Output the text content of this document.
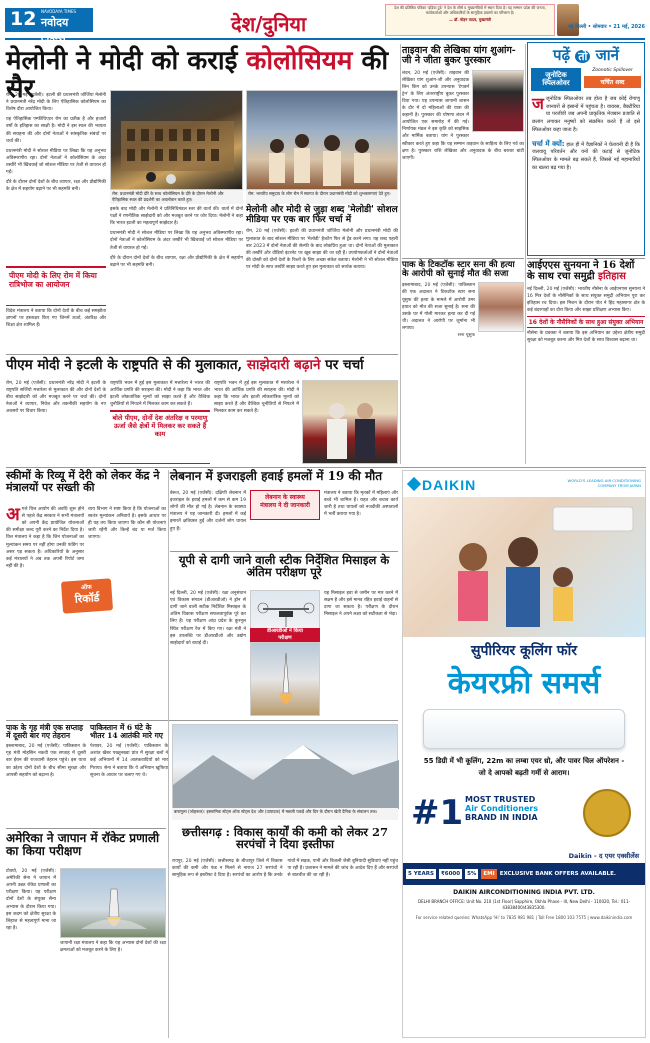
12 NAVODAYA TIMES
नवोदय टाइम्स
देश/दुनिया
देश की प्रतिष्ठित पत्रिका 'इंडिया टुडे' ने देश के शीर्ष 5 मुख्यमंत्रियों में स्थान दिया है। यह सम्मान प्रदेश की जनता, कार्यकर्ताओं और अधिकारियों के सामूहिक प्रयासों का परिणाम है।
— डॉ. मोहन यादव, मुख्यमंत्री
नई दिल्ली • सोमवार • 21 मई, 2026
मेलोनी ने मोदी को कराई कोलोसियम की सैर

रोम, 20 मई (एजेंसी): इटली की प्रधानमंत्री जॉर्जिया मेलोनी ने प्रधानमंत्री नरेंद्र मोदी के लिए ऐतिहासिक कोलोसियम का विशेष दौरा आयोजित किया।

यह ऐतिहासिक एम्फीथिएटर रोम का प्रतीक है और हजारों वर्षों के इतिहास का साक्षी है। मोदी ने इस स्थल की भव्यता की सराहना की और दोनों नेताओं ने सांस्कृतिक संबंधों पर चर्चा की।

प्रधानमंत्री मोदी ने सोशल मीडिया पर लिखा कि यह अनुभव अविस्मरणीय रहा। दोनों नेताओं ने कोलोसियम के अंदर तस्वीरें भी खिंचवाईं जो सोशल मीडिया पर तेजी से वायरल हो गईं।

दौरे के दौरान दोनों देशों के बीच व्यापार, रक्षा और प्रौद्योगिकी के क्षेत्र में सहयोग बढ़ाने पर भी सहमति बनी।

पीएम मोदी के लिए रोम में किया रात्रिभोज का आयोजन

विदेश मंत्रालय ने बताया कि दोनों देशों के बीच कई समझौता ज्ञापनों पर हस्ताक्षर किए गए जिनमें ऊर्जा, अंतरिक्ष और शिक्षा क्षेत्र शामिल हैं।

रोम: प्रधानमंत्री मोदी दौरे के साथ कोलोसियम के दौरे के दौरान मेलोनी और ऐतिहासिक स्थल की प्रदर्शनी का अवलोकन करते हुए।
रोम: भारतीय समुदाय के लोग रोम में स्वागत के दौरान प्रधानमंत्री मोदी को शुभकामनाएं देते हुए।

इसके बाद मोदी और मेलोनी ने प्रतिनिधिमंडल स्तर की वार्ता की। वार्ता में दोनों पक्षों ने रणनीतिक साझेदारी को और मजबूत करने पर जोर दिया। मेलोनी ने कहा कि भारत इटली का महत्वपूर्ण साझेदार है।

प्रधानमंत्री मोदी ने सोशल मीडिया पर लिखा कि यह अनुभव अविस्मरणीय रहा। दोनों नेताओं ने कोलोसियम के अंदर तस्वीरें भी खिंचवाईं जो सोशल मीडिया पर तेजी से वायरल हो गईं।

दौरे के दौरान दोनों देशों के बीच व्यापार, रक्षा और प्रौद्योगिकी के क्षेत्र में सहयोग बढ़ाने पर भी सहमति बनी।

मेलोनी और मोदी से जुड़ा शब्द 'मेलोडी' सोशल मीडिया पर एक बार फिर चर्चा में
रोम, 20 मई (एजेंसी): इटली की प्रधानमंत्री जॉर्जिया मेलोनी और प्रधानमंत्री मोदी की मुलाकात के बाद सोशल मीडिया पर 'मेलोडी' हैशटैग फिर से ट्रेंड करने लगा। यह शब्द पहली बार 2023 में दोनों नेताओं की सेल्फी के बाद लोकप्रिय हुआ था। दोनों नेताओं की मुलाकात की तस्वीरें और वीडियो इंटरनेट पर खूब साझा की जा रही हैं। उपयोगकर्ताओं ने दोनों नेताओं की दोस्ती को दोनों देशों के रिश्तों के लिए अच्छा संकेत बताया। मेलोनी ने भी सोशल मीडिया पर मोदी के साथ तस्वीरें साझा करते हुए इस मुलाकात को सार्थक बताया।
ताइवान की लेखिका यांग शुआंग-जी ने जीता बुकर पुरस्कार
लंदन, 20 मई (एजेंसी): ताइवान की लेखिका यांग शुआंग-जी और अनुवादक लिन किंग को उनके उपन्यास 'टेपवर्म ट्रेन' के लिए अंतरराष्ट्रीय बुकर पुरस्कार दिया गया। यह उपन्यास जापानी शासन के दौर में दो महिलाओं की यात्रा की कहानी है। पुरस्कार की घोषणा लंदन में आयोजित एक समारोह में की गई। निर्णायक मंडल ने इस कृति को साहसिक और मार्मिक बताया। यांग ने पुरस्कार स्वीकार करते हुए कहा कि यह सम्मान ताइवान के साहित्य के लिए गर्व का क्षण है। पुरस्कार राशि लेखिका और अनुवादक के बीच बराबर बांटी जाएगी।
पढ़ें तो जानें
जूनोटिक स्पिलओवर
Zoonotic Spillover
चर्चित शब्द
जजूनोटिक स्पिलओवर तब होता है जब कोई रोगाणु जानवरों से इंसानों में पहुंचता है। वायरस, बैक्टीरिया या परजीवी जब अपनी प्राकृतिक मेजबान प्रजाति से छलांग लगाकर मनुष्यों को संक्रमित करते हैं तो इसे स्पिलओवर कहा जाता है।
चर्चा में क्यों: हाल ही में वैज्ञानिकों ने चेतावनी दी है कि जलवायु परिवर्तन और वनों की कटाई से जूनोटिक स्पिलओवर के मामले बढ़ सकते हैं, जिससे नई महामारियों का खतरा बढ़ गया है।
पाक के टिकटॉक स्टार सना की हत्या के आरोपी को सुनाई मौत की सजा
इस्लामाबाद, 20 मई (एजेंसी): पाकिस्तान की एक अदालत ने टिकटॉक स्टार सना यूसुफ की हत्या के मामले में आरोपी उमर हयात को मौत की सजा सुनाई है। सना की उसके घर में गोली मारकर हत्या कर दी गई थी। अदालत ने आरोपी पर जुर्माना भी लगाया।
सना यूसुफ
आईएएस सुनयना ने 16 देशों के साथ रचा समुद्री इतिहास
नई दिल्ली, 20 मई (एजेंसी): भारतीय नौसेना के आईएनएस सुनयना ने 16 मित्र देशों के नौसैनिकों के साथ संयुक्त समुद्री अभियान पूरा कर इतिहास रच दिया। इस मिशन के दौरान पोत ने हिंद महासागर क्षेत्र के कई बंदरगाहों का दौरा किया और साझा प्रशिक्षण अभ्यास किए।
16 देशों के नौसैनिकों के साथ हुआ संयुक्त अभियान
नौसेना के प्रवक्ता ने बताया कि इस अभियान का उद्देश्य क्षेत्रीय समुद्री सुरक्षा को मजबूत करना और मित्र देशों के साथ विश्वास बढ़ाना था।
पीएम मोदी ने इटली के राष्ट्रपति से की मुलाकात, साझेदारी बढ़ाने पर चर्चा
रोम, 20 मई (एजेंसी): प्रधानमंत्री नरेंद्र मोदी ने इटली के राष्ट्रपति सर्जियो मत्तारेला से मुलाकात की और दोनों देशों के बीच साझेदारी को और मजबूत करने पर चर्चा की। दोनों नेताओं ने व्यापार, निवेश और तकनीकी सहयोग के नए अवसरों पर विचार किया।
राष्ट्रपति भवन में हुई इस मुलाकात में मत्तारेला ने भारत की आर्थिक प्रगति की सराहना की। मोदी ने कहा कि भारत और इटली लोकतांत्रिक मूल्यों को साझा करते हैं और वैश्विक चुनौतियों से निपटने में मिलकर काम कर सकते हैं।
बोले पीएम, दोनों देश अंतरिक्ष व परमाणु ऊर्जा जैसे क्षेत्रों में मिलकर कर सकते हैं काम
राष्ट्रपति भवन में हुई इस मुलाकात में मत्तारेला ने भारत की आर्थिक प्रगति की सराहना की। मोदी ने कहा कि भारत और इटली लोकतांत्रिक मूल्यों को साझा करते हैं और वैश्विक चुनौतियों से निपटने में मिलकर काम कर सकते हैं।
स्कीमों के रिव्यू में देरी को लेकर केंद्र ने मंत्रालयों पर सख्ती की
अगले वित्त आयोग की अवधि शुरू होने से पहले केंद्र सरकार ने सभी मंत्रालयों को अपनी केंद्र प्रायोजित योजनाओं की समीक्षा जल्द पूरी करने का निर्देश दिया है। वित्त मंत्रालय ने कहा है कि जिन योजनाओं का मूल्यांकन समय पर नहीं होगा उनकी फंडिंग पर असर पड़ सकता है। अधिकारियों के अनुसार कई मंत्रालयों ने अब तक अपनी रिपोर्ट जमा नहीं की है।

व्यय विभाग ने स्पष्ट किया है कि योजनाओं का स्वतंत्र मूल्यांकन अनिवार्य है। इसके आधार पर ही यह तय किया जाएगा कि कौन सी योजनाएं जारी रहेंगी और किन्हें बंद या मर्ज किया जाएगा।

ऑफ
रिकॉर्ड
लेबनान में इजराइली हवाई हमलों में 19 की मौत
बेरूत, 20 मई (एजेंसी): दक्षिणी लेबनान में इजराइल के हवाई हमलों में कम से कम 19 लोगों की मौत हो गई है। लेबनान के स्वास्थ्य मंत्रालय ने यह जानकारी दी। हमलों में कई इमारतें क्षतिग्रस्त हुईं और दर्जनों लोग घायल हुए हैं।
लेबनान के स्वास्थ्य
मंत्रालय ने दी जानकारी
मंत्रालय ने बताया कि मृतकों में महिलाएं और बच्चे भी शामिल हैं। राहत और बचाव कार्य जारी है तथा घायलों को नजदीकी अस्पतालों में भर्ती कराया गया है।
यूपी से दागी जाने वाली स्टीक निर्देशित मिसाइल के अंतिम परीक्षण पूरे
नई दिल्ली, 20 मई (एजेंसी): रक्षा अनुसंधान एवं विकास संगठन (डीआरडीओ) ने ड्रोन से दागी जाने वाली सटीक निर्देशित मिसाइल के अंतिम विकास परीक्षण सफलतापूर्वक पूरे कर लिए हैं। यह परीक्षण आंध्र प्रदेश के कुरनूल स्थित परीक्षण रेंज में किए गए। रक्षा मंत्री ने इस उपलब्धि पर डीआरडीओ और उद्योग साझेदारों को बधाई दी।
डीआरडीओ ने किया
परीक्षण
यह मिसाइल हवा से जमीन पर मार करने में सक्षम है और इसे मानव रहित हवाई वाहनों से दागा जा सकता है। परीक्षण के दौरान मिसाइल ने अपने लक्ष्य को सटीकता से भेदा।
DAIKIN	WORLD'S LEADING AIR CONDITIONING COMPANY FROM JAPAN
सुपीरियर कूलिंग फॉर
केयरफ्री समर्स
55 डिग्री में भी कूलिंग, 22m का लम्बा एयर थ्रो, और पावर चिल ऑपरेशन -
जो दे आपको बढ़ती गर्मी से आराम।
#1 MOST TRUSTED
Air Conditioners
BRAND IN INDIA
Daikin - द एयर एक्सीलेंस
5 YEARS	₹6000	5%	EMI EXCLUSIVE BANK OFFERS AVAILABLE.
DAIKIN AIRCONDITIONING INDIA PVT. LTD.
DELHI BRANCH OFFICE: Unit No. 210 (1st Floor) Sapphire, Okhla Phase - III, New Delhi - 110020, Tel.: 011-43838400/43835300.
For service related queries: WhatsApp 'Hi' to 7835 981 981 | Toll Free 1800 103 7575 | www.daikinindia.com
पाक के गृह मंत्री एक सप्ताह में दूसरी बार गए तेहरान
इस्लामाबाद, 20 मई (एजेंसी): पाकिस्तान के गृह मंत्री मोहसिन नकवी एक सप्ताह में दूसरी बार ईरान की राजधानी तेहरान पहुंचे। इस यात्रा का उद्देश्य दोनों देशों के बीच सीमा सुरक्षा और आपसी सहयोग को बढ़ाना है।
पाकिस्तान में 6 घंटे के भीतर 14 आतंकी मारे गए
पेशावर, 20 मई (एजेंसी): पाकिस्तान के अशांत खैबर पख्तूनख्वा प्रांत में सुरक्षा बलों ने कई अभियानों में 14 आतंकवादियों को मार गिराया। सेना ने बताया कि ये अभियान खुफिया सूचना के आधार पर चलाए गए थे।
बारामुला (जोहरूल): इस्लामिक स्टेट्स ऑफ स्टेट्स देश और (उत्पादक) में मछली पकड़ें और दिन के दौरान खेती दैनिक के संचालन तक।
अमेरिका ने जापान में रॉकेट प्रणाली का किया परीक्षण
टोक्यो, 20 मई (एजेंसी): अमेरिकी सेना ने जापान में अपनी उन्नत रॉकेट प्रणाली का परीक्षण किया। यह परीक्षण दोनों देशों के संयुक्त सैन्य अभ्यास के दौरान किया गया। इस कदम को क्षेत्रीय सुरक्षा के लिहाज से महत्वपूर्ण माना जा रहा है।
जापानी रक्षा मंत्रालय ने कहा कि यह अभ्यास दोनों देशों की रक्षा क्षमताओं को मजबूत करने के लिए है।
छत्तीसगढ़ : विकास कार्यों की कमी को लेकर 27 सरपंचों ने दिया इस्तीफा
रायपुर, 20 मई (एजेंसी): छत्तीसगढ़ के बीजापुर जिले में विकास कार्यों की कमी और फंड न मिलने से नाराज 27 सरपंचों ने सामूहिक रूप से इस्तीफा दे दिया है। सरपंचों का आरोप है कि उनके गांवों में सड़क, पानी और बिजली जैसी बुनियादी सुविधाएं नहीं पहुंच पा रही हैं। प्रशासन ने मामले की जांच के आदेश दिए हैं और सरपंचों से बातचीत की जा रही है।
